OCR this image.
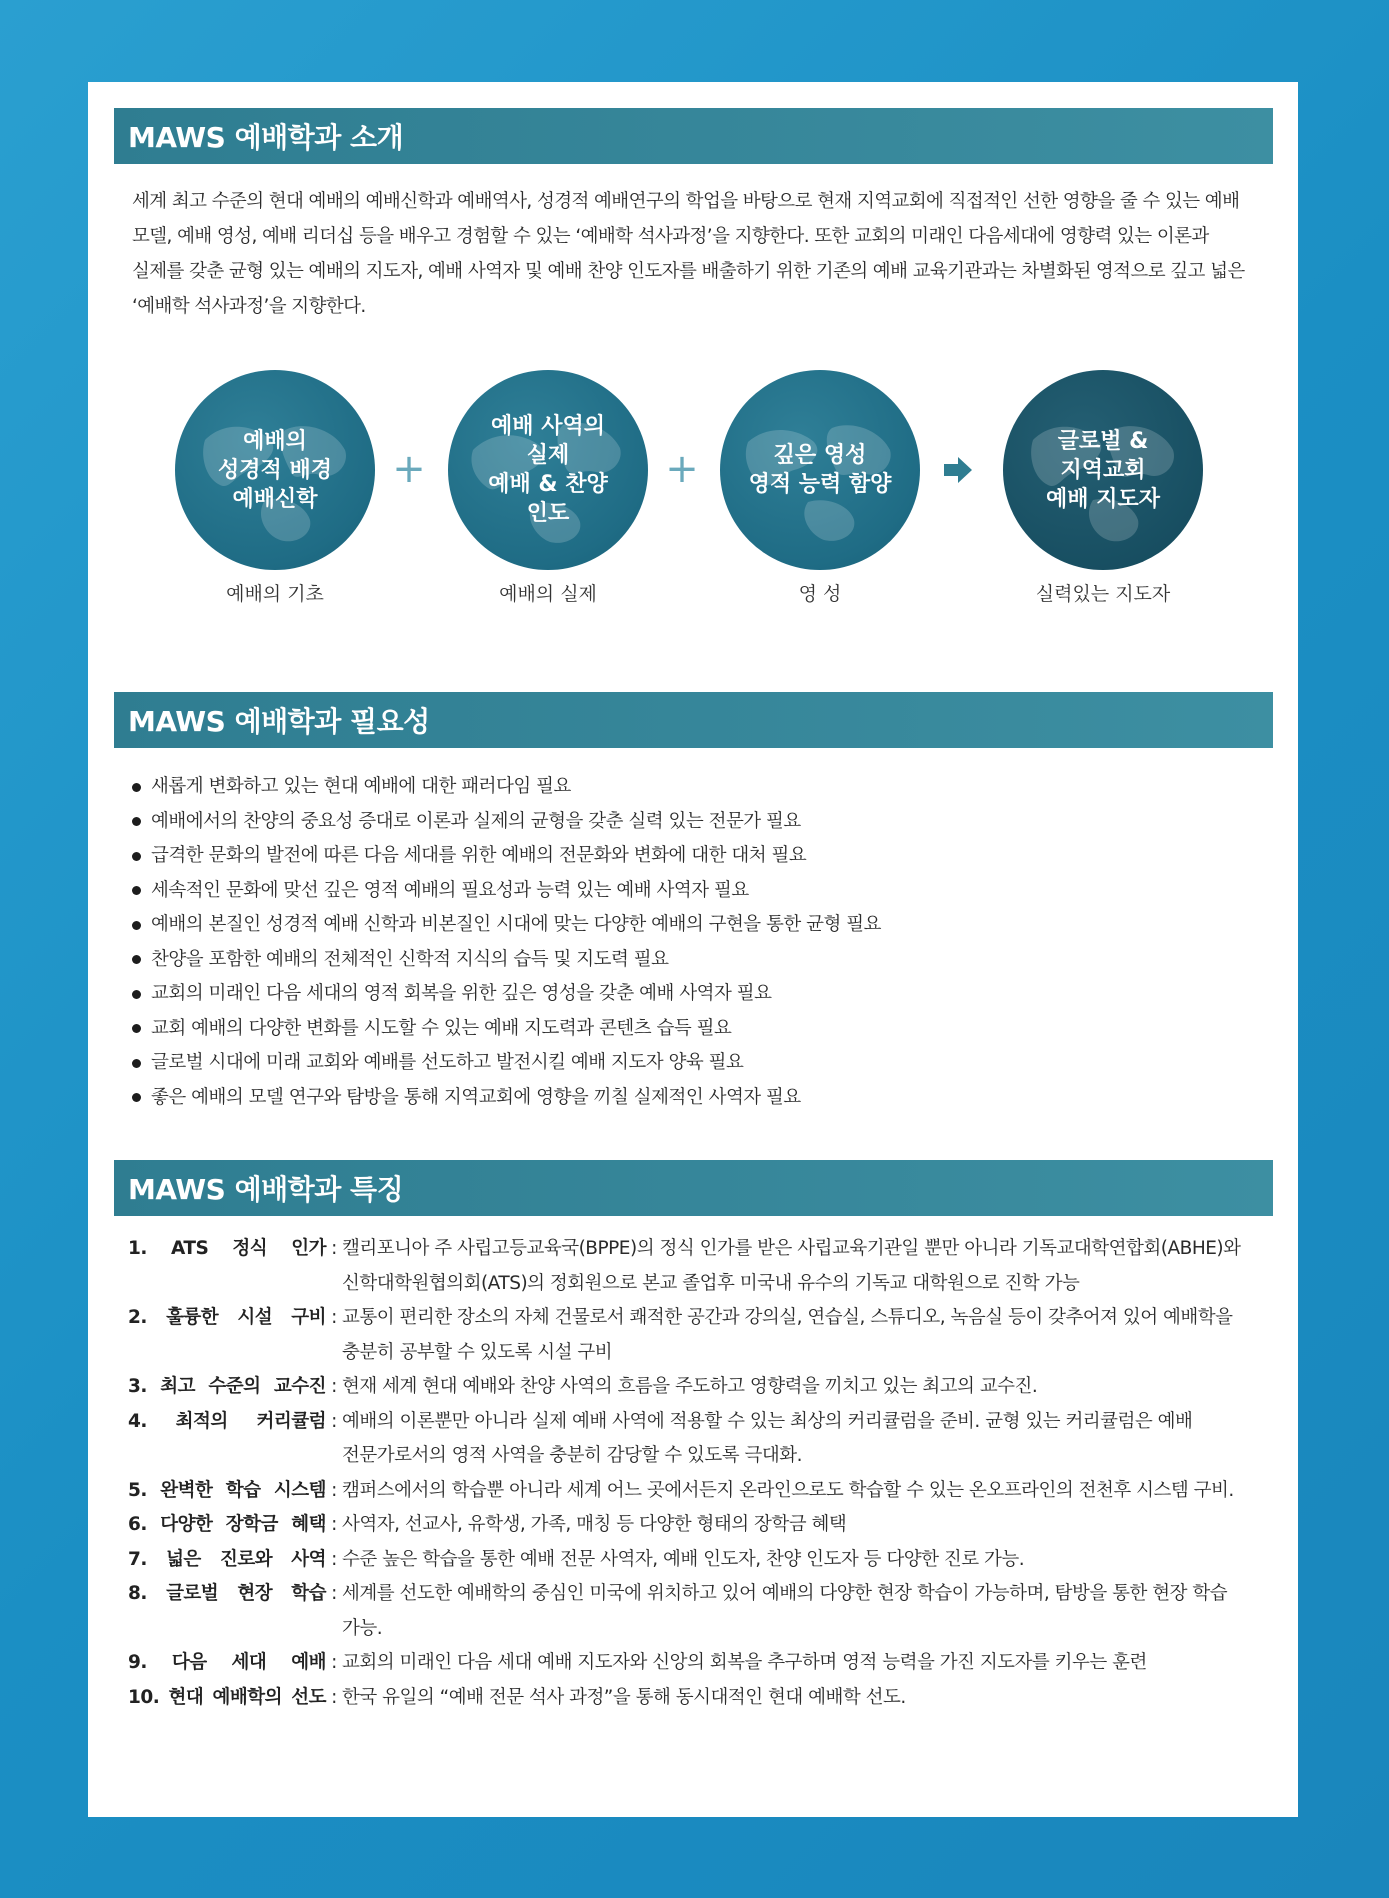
MAWS 예배학과 소개
세계 최고 수준의 현대 예배의 예배신학과 예배역사, 성경적 예배연구의 학업을 바탕으로 현재 지역교회에 직접적인 선한 영향을 줄 수 있는 예배 모델, 예배 영성, 예배 리더십 등을 배우고 경험할 수 있는 ‘예배학 석사과정’을 지향한다. 또한 교회의 미래인 다음세대에 영향력 있는 이론과 실제를 갖춘 균형 있는 예배의 지도자, 예배 사역자 및 예배 찬양 인도자를 배출하기 위한 기존의 예배 교육기관과는 차별화된 영적으로 깊고 넓은 ‘예배학 석사과정’을 지향한다.
예배의
성경적 배경
예배신학
예배의 기초
+
예배 사역의
실제
예배 & 찬양
인도
예배의 실제
+	깊은 영성
영적 능력 함양
영 성
글로벌 &
지역교회
예배 지도자
실력있는 지도자
MAWS 예배학과 필요성
새롭게 변화하고 있는 현대 예배에 대한 패러다임 필요
예배에서의 찬양의 중요성 증대로 이론과 실제의 균형을 갖춘 실력 있는 전문가 필요
급격한 문화의 발전에 따른 다음 세대를 위한 예배의 전문화와 변화에 대한 대처 필요
세속적인 문화에 맞선 깊은 영적 예배의 필요성과 능력 있는 예배 사역자 필요
예배의 본질인 성경적 예배 신학과 비본질인 시대에 맞는 다양한 예배의 구현을 통한 균형 필요
찬양을 포함한 예배의 전체적인 신학적 지식의 습득 및 지도력 필요
교회의 미래인 다음 세대의 영적 회복을 위한 깊은 영성을 갖춘 예배 사역자 필요
교회 예배의 다양한 변화를 시도할 수 있는 예배 지도력과 콘텐츠 습득 필요
글로벌 시대에 미래 교회와 예배를 선도하고 발전시킬 예배 지도자 양육 필요
좋은 예배의 모델 연구와 탐방을 통해 지역교회에 영향을 끼칠 실제적인 사역자 필요
MAWS 예배학과 특징
1. ATS 정식 인가 : 캘리포니아 주 사립고등교육국(BPPE)의 정식 인가를 받은 사립교육기관일 뿐만 아니라 기독교대학연합회(ABHE)와 신학대학원협의회(ATS)의 정회원으로 본교 졸업후 미국내 유수의 기독교 대학원으로 진학 가능
2. 훌륭한 시설 구비 : 교통이 편리한 장소의 자체 건물로서 쾌적한 공간과 강의실, 연습실, 스튜디오, 녹음실 등이 갖추어져 있어 예배학을 충분히 공부할 수 있도록 시설 구비
3. 최고 수준의 교수진 : 현재 세계 현대 예배와 찬양 사역의 흐름을 주도하고 영향력을 끼치고 있는 최고의 교수진.
4. 최적의 커리큘럼 : 예배의 이론뿐만 아니라 실제 예배 사역에 적용할 수 있는 최상의 커리큘럼을 준비. 균형 있는 커리큘럼은 예배 전문가로서의 영적 사역을 충분히 감당할 수 있도록 극대화.
5. 완벽한 학습 시스템 : 캠퍼스에서의 학습뿐 아니라 세계 어느 곳에서든지 온라인으로도 학습할 수 있는 온오프라인의 전천후 시스템 구비.
6. 다양한 장학금 혜택 : 사역자, 선교사, 유학생, 가족, 매칭 등 다양한 형태의 장학금 혜택
7. 넓은 진로와 사역 : 수준 높은 학습을 통한 예배 전문 사역자, 예배 인도자, 찬양 인도자 등 다양한 진로 가능.
8. 글로벌 현장 학습 : 세계를 선도한 예배학의 중심인 미국에 위치하고 있어 예배의 다양한 현장 학습이 가능하며, 탐방을 통한 현장 학습 가능.
9. 다음 세대 예배 : 교회의 미래인 다음 세대 예배 지도자와 신앙의 회복을 추구하며 영적 능력을 가진 지도자를 키우는 훈련
10. 현대 예배학의 선도 : 한국 유일의 “예배 전문 석사 과정”을 통해 동시대적인 현대 예배학 선도.
